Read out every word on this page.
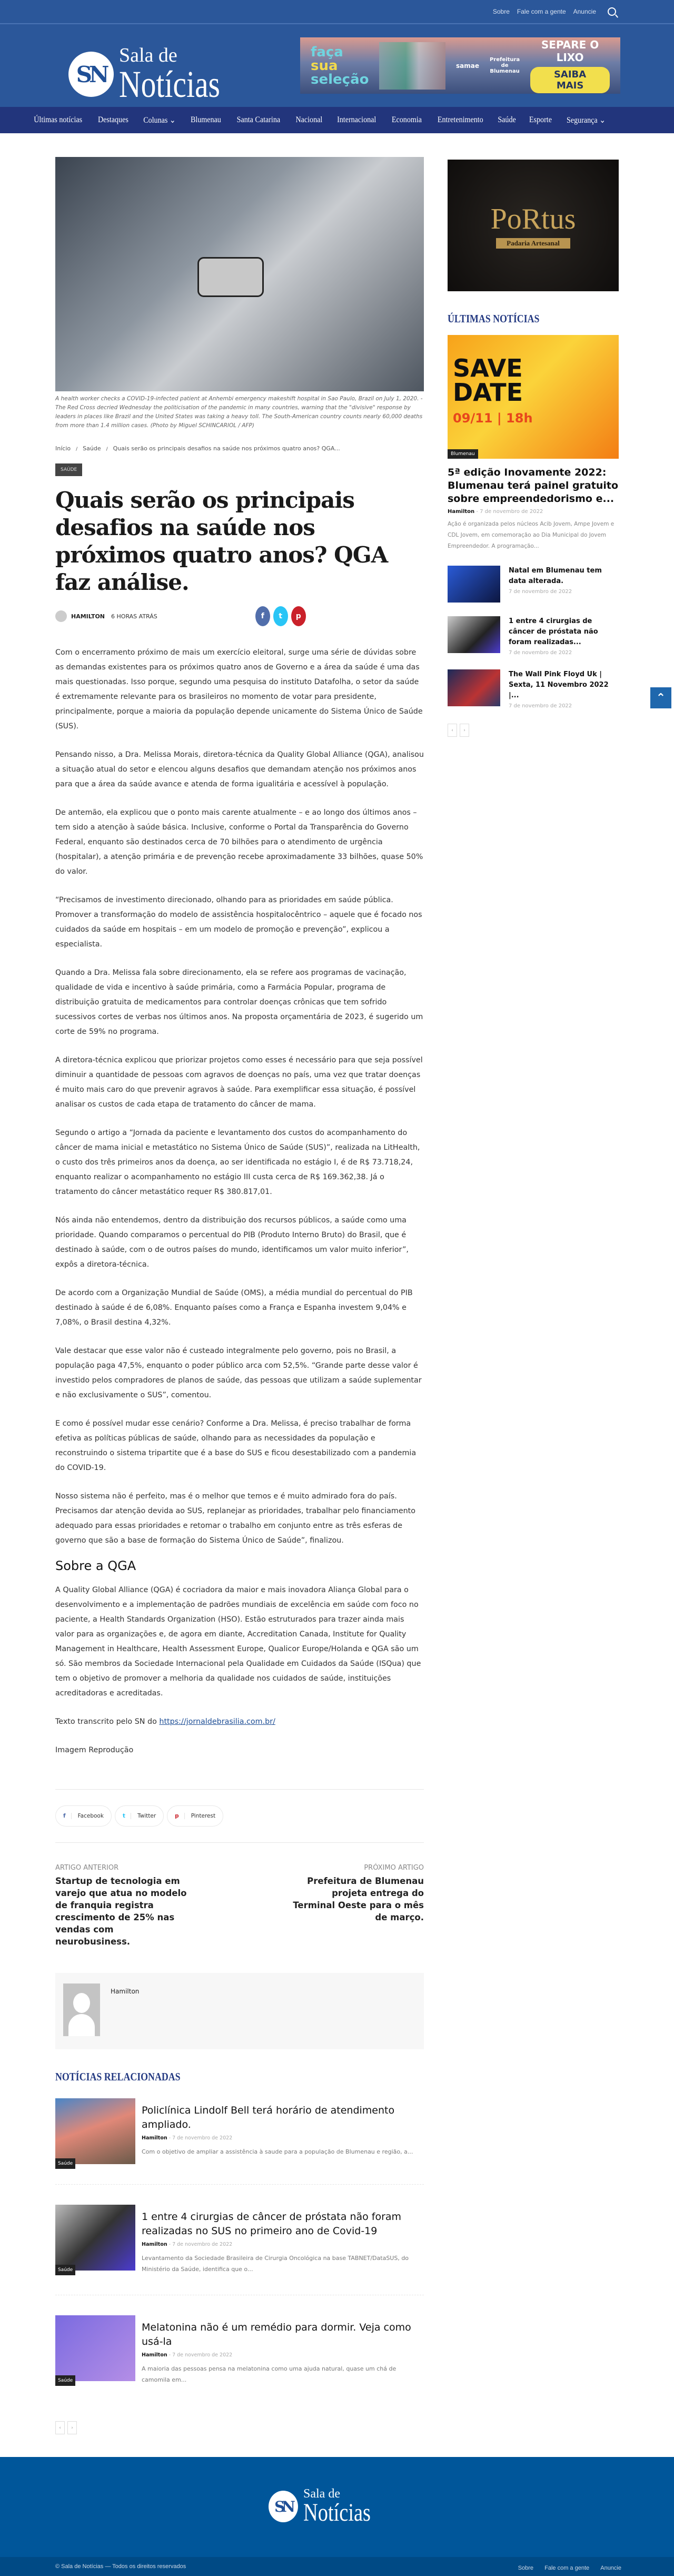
Sobre Fale com a gente Anuncie
SN
Sala de
Notícias
faça sua
seleção
samae
Prefeitura de Blumenau
SEPARE O LIXO
SAIBA MAIS
Últimas notícias	Destaques	Colunas ⌄	Blumenau	Santa Catarina	Nacional	Internacional	Economia	Entretenimento	Saúde	Esporte	Segurança ⌄
A health worker checks a COVID-19-infected patient at Anhembi emergency makeshift hospital in Sao Paulo, Brazil on July 1, 2020. - The Red Cross decried Wednesday the politicisation of the pandemic in many countries, warning that the "divisive" response by leaders in places like Brazil and the United States was taking a heavy toll. The South-American country counts nearly 60,000 deaths from more than 1.4 million cases. (Photo by Miguel SCHINCARIOL / AFP)
Início / Saúde / Quais serão os principais desafios na saúde nos próximos quatro anos? QGA...
SAÚDE
Quais serão os principais desafios na saúde nos próximos quatro anos? QGA faz análise.
HAMILTON 6 HORAS ATRÁS	f	t	p

Com o encerramento próximo de mais um exercício eleitoral, surge uma série de dúvidas sobre as demandas existentes para os próximos quatro anos de Governo e a área da saúde é uma das mais questionadas. Isso porque, segundo uma pesquisa do instituto Datafolha, o setor da saúde é extremamente relevante para os brasileiros no momento de votar para presidente, principalmente, porque a maioria da população depende unicamente do Sistema Único de Saúde (SUS).

Pensando nisso, a Dra. Melissa Morais, diretora-técnica da Quality Global Alliance (QGA), analisou a situação atual do setor e elencou alguns desafios que demandam atenção nos próximos anos para que a área da saúde avance e atenda de forma igualitária e acessível à população.

De antemão, ela explicou que o ponto mais carente atualmente – e ao longo dos últimos anos – tem sido a atenção à saúde básica. Inclusive, conforme o Portal da Transparência do Governo Federal, enquanto são destinados cerca de 70 bilhões para o atendimento de urgência (hospitalar), a atenção primária e de prevenção recebe aproximadamente 33 bilhões, quase 50% do valor.

“Precisamos de investimento direcionado, olhando para as prioridades em saúde pública. Promover a transformação do modelo de assistência hospitalocêntrico – aquele que é focado nos cuidados da saúde em hospitais – em um modelo de promoção e prevenção”, explicou a especialista.

Quando a Dra. Melissa fala sobre direcionamento, ela se refere aos programas de vacinação, qualidade de vida e incentivo à saúde primária, como a Farmácia Popular, programa de distribuição gratuita de medicamentos para controlar doenças crônicas que tem sofrido sucessivos cortes de verbas nos últimos anos. Na proposta orçamentária de 2023, é sugerido um corte de 59% no programa.

A diretora-técnica explicou que priorizar projetos como esses é necessário para que seja possível diminuir a quantidade de pessoas com agravos de doenças no país, uma vez que tratar doenças é muito mais caro do que prevenir agravos à saúde. Para exemplificar essa situação, é possível analisar os custos de cada etapa de tratamento do câncer de mama.

Segundo o artigo a “Jornada da paciente e levantamento dos custos do acompanhamento do câncer de mama inicial e metastático no Sistema Único de Saúde (SUS)”, realizada na LitHealth, o custo dos três primeiros anos da doença, ao ser identificada no estágio I, é de R$ 73.718,24, enquanto realizar o acompanhamento no estágio III custa cerca de R$ 169.362,38. Já o tratamento do câncer metastático requer R$ 380.817,01.

Nós ainda não entendemos, dentro da distribuição dos recursos públicos, a saúde como uma prioridade. Quando comparamos o percentual do PIB (Produto Interno Bruto) do Brasil, que é destinado à saúde, com o de outros países do mundo, identificamos um valor muito inferior”, expôs a diretora-técnica.

De acordo com a Organização Mundial de Saúde (OMS), a média mundial do percentual do PIB destinado à saúde é de 6,08%. Enquanto países como a França e Espanha investem 9,04% e 7,08%, o Brasil destina 4,32%.

Vale destacar que esse valor não é custeado integralmente pelo governo, pois no Brasil, a população paga 47,5%, enquanto o poder público arca com 52,5%. “Grande parte desse valor é investido pelos compradores de planos de saúde, das pessoas que utilizam a saúde suplementar e não exclusivamente o SUS”, comentou.

E como é possível mudar esse cenário? Conforme a Dra. Melissa, é preciso trabalhar de forma efetiva as políticas públicas de saúde, olhando para as necessidades da população e reconstruindo o sistema tripartite que é a base do SUS e ficou desestabilizado com a pandemia do COVID-19.

Nosso sistema não é perfeito, mas é o melhor que temos e é muito admirado fora do país. Precisamos dar atenção devida ao SUS, replanejar as prioridades, trabalhar pelo financiamento adequado para essas prioridades e retomar o trabalho em conjunto entre as três esferas de governo que são a base de formação do Sistema Único de Saúde”, finalizou.

Sobre a QGA

A Quality Global Alliance (QGA) é cocriadora da maior e mais inovadora Aliança Global para o desenvolvimento e a implementação de padrões mundiais de excelência em saúde com foco no paciente, a Health Standards Organization (HSO). Estão estruturados para trazer ainda mais valor para as organizações e, de agora em diante, Accreditation Canada, Institute for Quality Management in Healthcare, Health Assessment Europe, Qualicor Europe/Holanda e QGA são um só. São membros da Sociedade Internacional pela Qualidade em Cuidados da Saúde (ISQua) que tem o objetivo de promover a melhoria da qualidade nos cuidados de saúde, instituições acreditadoras e acreditadas.

Texto transcrito pelo SN do https://jornaldebrasilia.com.br/

Imagem Reprodução

f	Facebook	t	Twitter	p	Pinterest
ARTIGO ANTERIOR
Startup de tecnologia em varejo que atua no modelo de franquia registra crescimento de 25% nas vendas com neurobusiness.
PRÓXIMO ARTIGO
Prefeitura de Blumenau projeta entrega do Terminal Oeste para o mês de março.
Hamilton
NOTÍCIAS RELACIONADAS
Saúde
Policlínica Lindolf Bell terá horário de atendimento ampliado.
Hamilton - 7 de novembro de 2022
Com o objetivo de ampliar a assistência à saude para a população de Blumenau e região, a...
Saúde
1 entre 4 cirurgias de câncer de próstata não foram realizadas no SUS no primeiro ano de Covid-19
Hamilton - 7 de novembro de 2022
Levantamento da Sociedade Brasileira de Cirurgia Oncológica na base TABNET/DataSUS, do Ministério da Saúde, identifica que o...
Saúde
Melatonina não é um remédio para dormir. Veja como usá-la
Hamilton - 7 de novembro de 2022
A maioria das pessoas pensa na melatonina como uma ajuda natural, quase um chá de camomila em...
‹	›
PoRtus
Padaria Artesanal
ÚLTIMAS NOTÍCIAS
SAVE
DATE
09/11 | 18h
Blumenau
5ª edição Inovamente 2022: Blumenau terá painel gratuito sobre empreendedorismo e...
Hamilton - 7 de novembro de 2022
Ação é organizada pelos núcleos Acib Jovem, Ampe Jovem e CDL Jovem, em comemoração ao Dia Municipal do Jovem Empreendedor. A programação...
Natal em Blumenau tem data alterada.
7 de novembro de 2022
1 entre 4 cirurgias de câncer de próstata não foram realizadas...
7 de novembro de 2022
The Wall Pink Floyd Uk | Sexta, 11 Novembro 2022 |...
7 de novembro de 2022
‹	›
⌃
SN
Sala de
Notícias
© Sala de Notícias — Todos os direitos reservados	Sobre Fale com a gente Anuncie
